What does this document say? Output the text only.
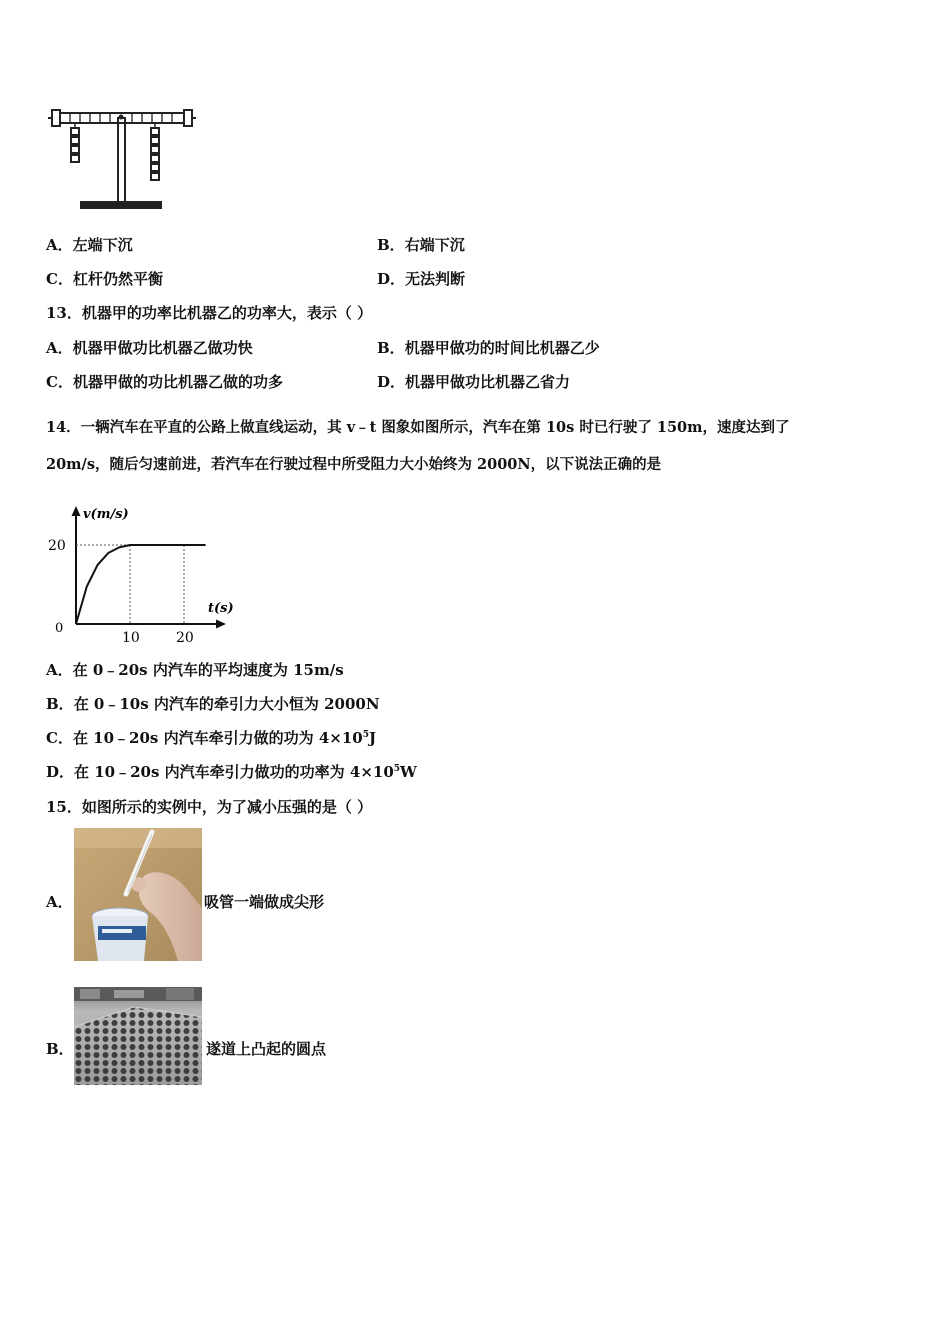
A．左端下沉	B．右端下沉
C．杠杆仍然平衡	D．无法判断
13．机器甲的功率比机器乙的功率大，表示（ ）
A．机器甲做功比机器乙做功快	B．机器甲做功的时间比机器乙少
C．机器甲做的功比机器乙做的功多	D．机器甲做功比机器乙省力
14．一辆汽车在平直的公路上做直线运动，其 v﹣t 图象如图所示，汽车在第 10s 时已行驶了 150m，速度达到了
20m/s，随后匀速前进，若汽车在行驶过程中所受阻力大小始终为 2000N，以下说法正确的是
v(m/s)
t(s)
0
20
10	20
A．在 0﹣20s 内汽车的平均速度为 15m/s
B．在 0﹣10s 内汽车的牵引力大小恒为 2000N
C．在 10﹣20s 内汽车牵引力做的功为 $4\times 10^5J$
D．在 10﹣20s 内汽车牵引力做功的功率为 $4\times 10^5W$
15．如图所示的实例中，为了减小压强的是（ ）
A．	吸管一端做成尖形
B．	遂道上凸起的圆点
